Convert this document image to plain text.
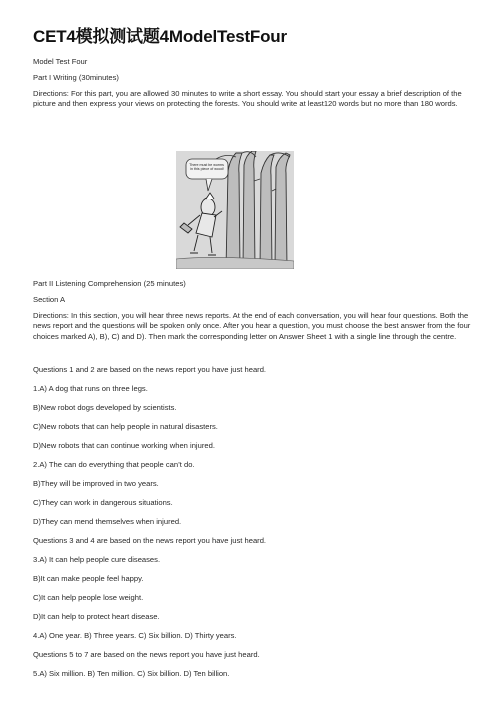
CET4模拟测试题4ModelTestFour

Model Test Four

Part I Writing (30minutes)

Directions: For this part, you are allowed 30 minutes to write a short essay. You should start your essay a brief description of the picture and then express your views on protecting the forests. You should write at least120 words but no more than 180 words.

There must be worms in this piece of wood!

Part II Listening Comprehension (25 minutes)

Section A

Directions: In this section, you will hear three news reports. At the end of each conversation, you will hear four questions. Both the news report and the questions will be spoken only once. After you hear a question, you must choose the best answer from the four choices marked A), B), C) and D). Then mark the corresponding letter on Answer Sheet 1 with a single line through the centre.

Questions 1 and 2 are based on the news report you have just heard.

1.A) A dog that runs on three legs.

B)New robot dogs developed by scientists.

C)New robots that can help people in natural disasters.

D)New robots that can continue working when injured.

2.A) The can do everything that people can’t do.

B)They will be improved in two years.

C)They can work in dangerous situations.

D)They can mend themselves when injured.

Questions 3 and 4 are based on the news report you have just heard.

3.A) It can help people cure diseases.

B)It can make people feel happy.

C)It can help people lose weight.

D)It can help to protect heart disease.

4.A) One year. B) Three years. C) Six billion. D) Thirty years.

Questions 5 to 7 are based on the news report you have just heard.

5.A) Six million. B) Ten million. C) Six billion. D) Ten billion.
